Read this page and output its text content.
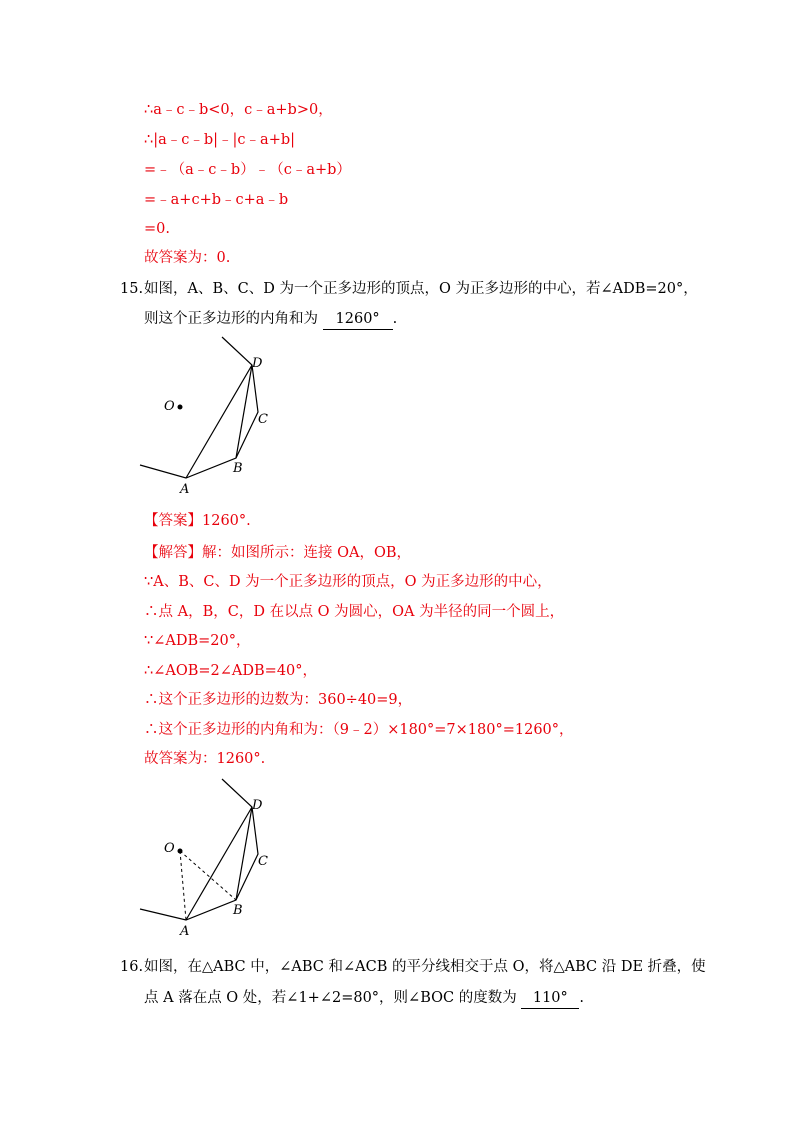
∴a﹣c﹣b<0，c﹣a+b>0，
∴|a﹣c﹣b|﹣|c﹣a+b|
=﹣（a﹣c﹣b）﹣（c﹣a+b）
=﹣a+c+b﹣c+a﹣b
=0.
故答案为：0.
15. 如图，A、B、C、D 为一个正多边形的顶点，O 为正多边形的中心，若∠ADB=20°，
则这个正多边形的内角和为 1260° .
O
A
B
C
D
【答案】1260°.
【解答】解：如图所示：连接 OA，OB，
∵A、B、C、D 为一个正多边形的顶点，O 为正多边形的中心，
∴点 A，B，C，D 在以点 O 为圆心，OA 为半径的同一个圆上，
∵∠ADB=20°，
∴∠AOB=2∠ADB=40°，
∴这个正多边形的边数为：360÷40=9，
∴这个正多边形的内角和为：（9﹣2）×180°=7×180°=1260°，
故答案为：1260°.
O
A
B
C
D
16. 如图，在△ABC 中，∠ABC 和∠ACB 的平分线相交于点 O，将△ABC 沿 DE 折叠，使
点 A 落在点 O 处，若∠1+∠2=80°，则∠BOC 的度数为 110° .
